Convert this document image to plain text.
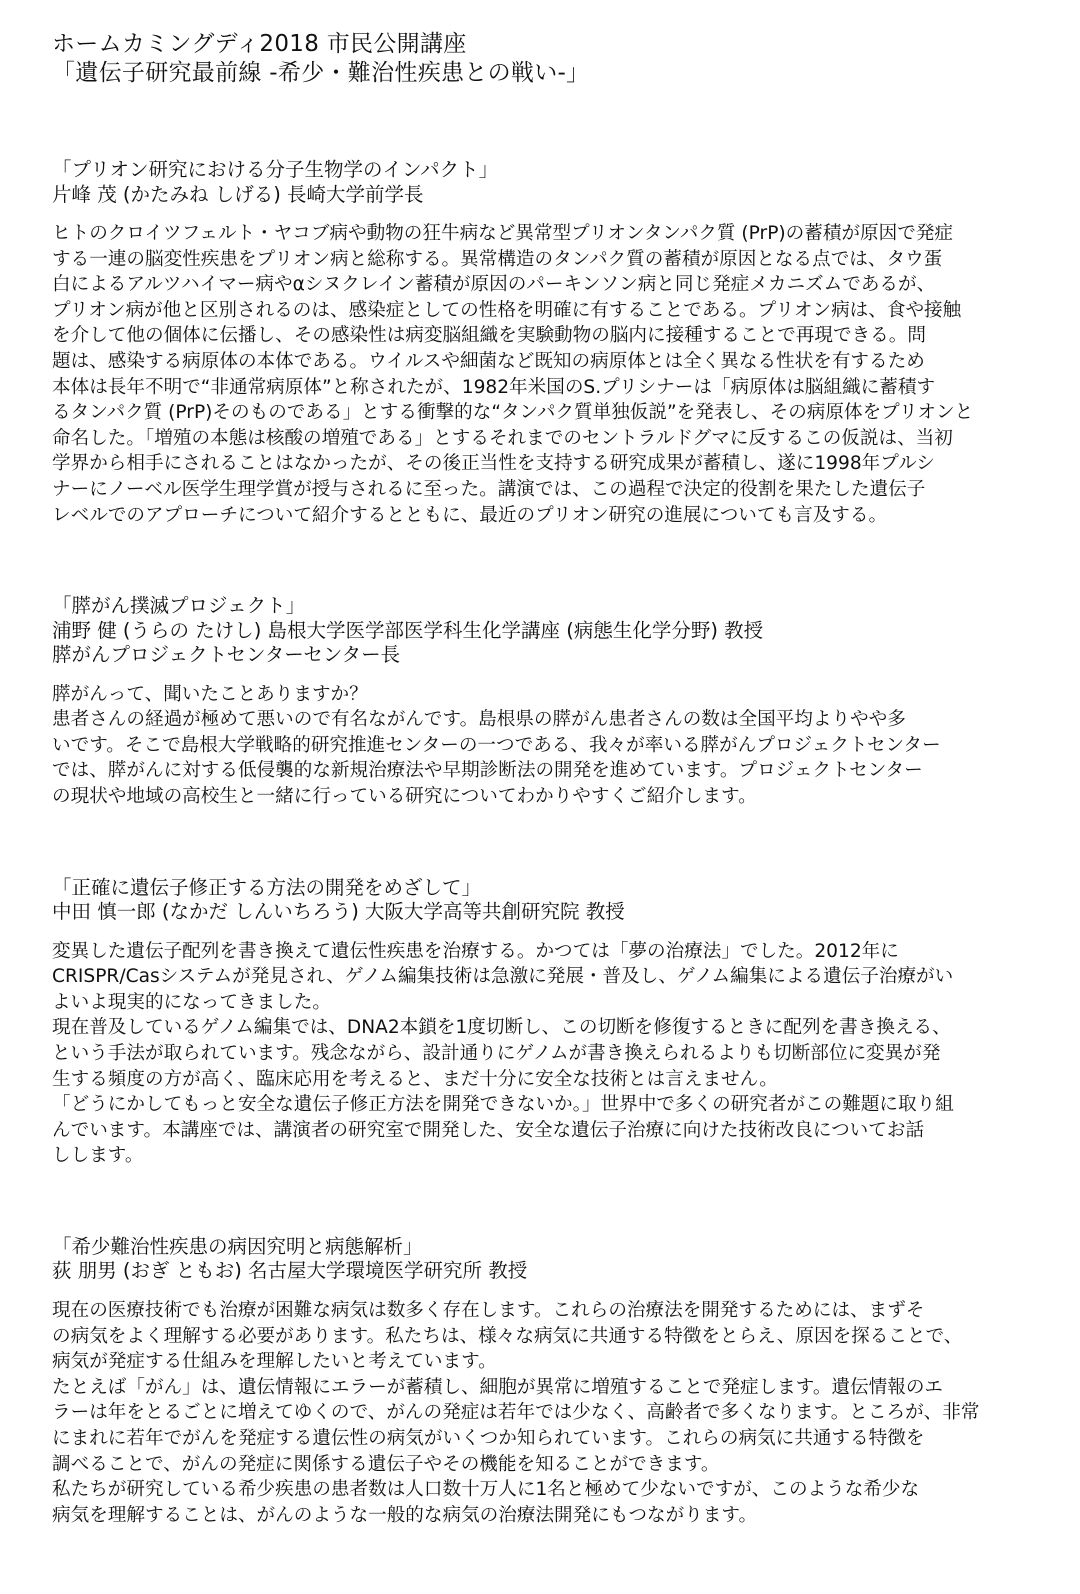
ホームカミングディ2018 市民公開講座
「遺伝子研究最前線 -希少・難治性疾患との戦い-」
「プリオン研究における分子生物学のインパクト」
片峰 茂 (かたみね しげる) 長崎大学前学長
ヒトのクロイツフェルト・ヤコブ病や動物の狂牛病など異常型プリオンタンパク質 (PrP)の蓄積が原因で発症
する一連の脳変性疾患をプリオン病と総称する。異常構造のタンパク質の蓄積が原因となる点では、タウ蛋
白によるアルツハイマー病やαシヌクレイン蓄積が原因のパーキンソン病と同じ発症メカニズムであるが、
プリオン病が他と区別されるのは、感染症としての性格を明確に有することである。プリオン病は、食や接触
を介して他の個体に伝播し、その感染性は病変脳組織を実験動物の脳内に接種することで再現できる。問
題は、感染する病原体の本体である。ウイルスや細菌など既知の病原体とは全く異なる性状を有するため
本体は長年不明で“非通常病原体”と称されたが、1982年米国のS.プリシナーは「病原体は脳組織に蓄積す
るタンパク質 (PrP)そのものである」とする衝撃的な“タンパク質単独仮説”を発表し、その病原体をプリオンと
命名した。「増殖の本態は核酸の増殖である」とするそれまでのセントラルドグマに反するこの仮説は、当初
学界から相手にされることはなかったが、その後正当性を支持する研究成果が蓄積し、遂に1998年プルシ
ナーにノーベル医学生理学賞が授与されるに至った。講演では、この過程で決定的役割を果たした遺伝子
レベルでのアプローチについて紹介するとともに、最近のプリオン研究の進展についても言及する。
「膵がん撲滅プロジェクト」
浦野 健 (うらの たけし) 島根大学医学部医学科生化学講座 (病態生化学分野) 教授
膵がんプロジェクトセンターセンター長
膵がんって、聞いたことありますか？
患者さんの経過が極めて悪いので有名ながんです。島根県の膵がん患者さんの数は全国平均よりやや多
いです。そこで島根大学戦略的研究推進センターの一つである、我々が率いる膵がんプロジェクトセンター
では、膵がんに対する低侵襲的な新規治療法や早期診断法の開発を進めています。プロジェクトセンター
の現状や地域の高校生と一緒に行っている研究についてわかりやすくご紹介します。
「正確に遺伝子修正する方法の開発をめざして」
中田 慎一郎 (なかだ しんいちろう) 大阪大学高等共創研究院 教授
変異した遺伝子配列を書き換えて遺伝性疾患を治療する。かつては「夢の治療法」でした。2012年に
CRISPR/Casシステムが発見され、ゲノム編集技術は急激に発展・普及し、ゲノム編集による遺伝子治療がい
よいよ現実的になってきました。
現在普及しているゲノム編集では、DNA2本鎖を1度切断し、この切断を修復するときに配列を書き換える、
という手法が取られています。残念ながら、設計通りにゲノムが書き換えられるよりも切断部位に変異が発
生する頻度の方が高く、臨床応用を考えると、まだ十分に安全な技術とは言えません。
「どうにかしてもっと安全な遺伝子修正方法を開発できないか。」世界中で多くの研究者がこの難題に取り組
んでいます。本講座では、講演者の研究室で開発した、安全な遺伝子治療に向けた技術改良についてお話
しします。
「希少難治性疾患の病因究明と病態解析」
荻 朋男 (おぎ ともお) 名古屋大学環境医学研究所 教授
現在の医療技術でも治療が困難な病気は数多く存在します。これらの治療法を開発するためには、まずそ
の病気をよく理解する必要があります。私たちは、様々な病気に共通する特徴をとらえ、原因を探ることで、
病気が発症する仕組みを理解したいと考えています。
たとえば「がん」は、遺伝情報にエラーが蓄積し、細胞が異常に増殖することで発症します。遺伝情報のエ
ラーは年をとるごとに増えてゆくので、がんの発症は若年では少なく、高齢者で多くなります。ところが、非常
にまれに若年でがんを発症する遺伝性の病気がいくつか知られています。これらの病気に共通する特徴を
調べることで、がんの発症に関係する遺伝子やその機能を知ることができます。
私たちが研究している希少疾患の患者数は人口数十万人に1名と極めて少ないですが、このような希少な
病気を理解することは、がんのような一般的な病気の治療法開発にもつながります。
